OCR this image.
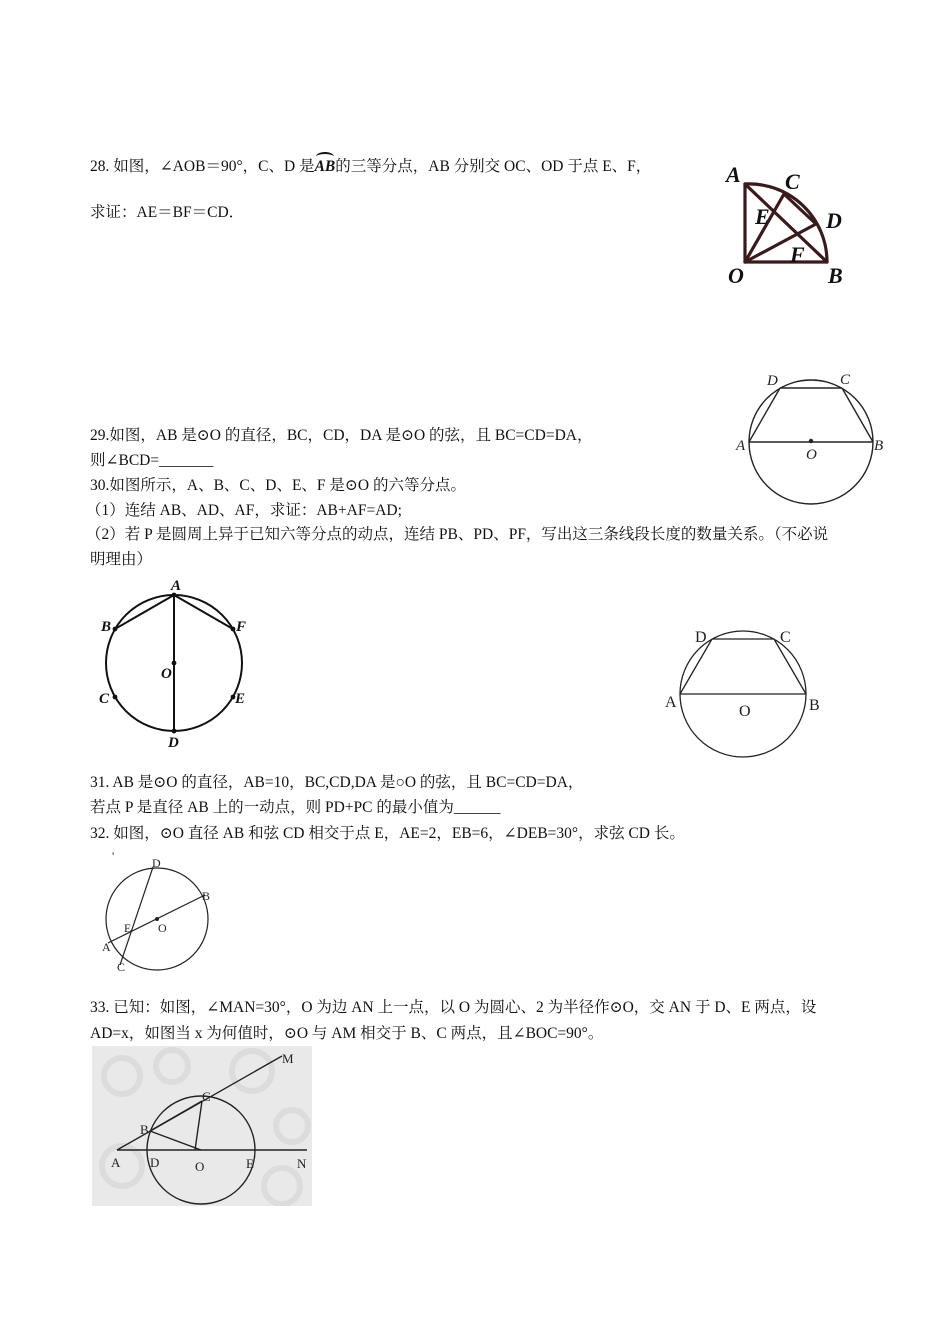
28. 如图，∠AOB＝90°，C、D 是AB的三等分点，AB 分别交 OC、OD 于点 E、F，
求证：AE＝BF＝CD．
A C
E	D
O
F
B
D	C
A
O
B
29.如图，AB 是⊙O 的直径，BC，CD，DA 是⊙O 的弦，且 BC=CD=DA，
则∠BCD=_______
30.如图所示，A、B、C、D、E、F 是⊙O 的六等分点。
（1）连结 AB、AD、AF，求证：AB+AF=AD;
（2）若 P 是圆周上异于已知六等分点的动点，连结 PB、PD、PF，写出这三条线段长度的数量关系。（不必说
明理由）
A
B	F
O
C	E
D
D	C
A
O	B
31. AB 是⊙O 的直径，AB=10，BC,CD,DA 是○O 的弦，且 BC=CD=DA，
若点 P 是直径 AB 上的一动点，则 PD+PC 的最小值为______
32. 如图，⊙O 直径 AB 和弦 CD 相交于点 E，AE=2，EB=6，∠DEB=30°，求弦 CD 长。
'	D
B
E O
A
C
33. 已知：如图，∠MAN=30°，O 为边 AN 上一点，以 O 为圆心、2 为半径作⊙O，交 AN 于 D、E 两点，设
AD=x，如图当 x 为何值时，⊙O 与 AM 相交于 B、C 两点，且∠BOC=90°。
M
C
B
A D	O	E	N
